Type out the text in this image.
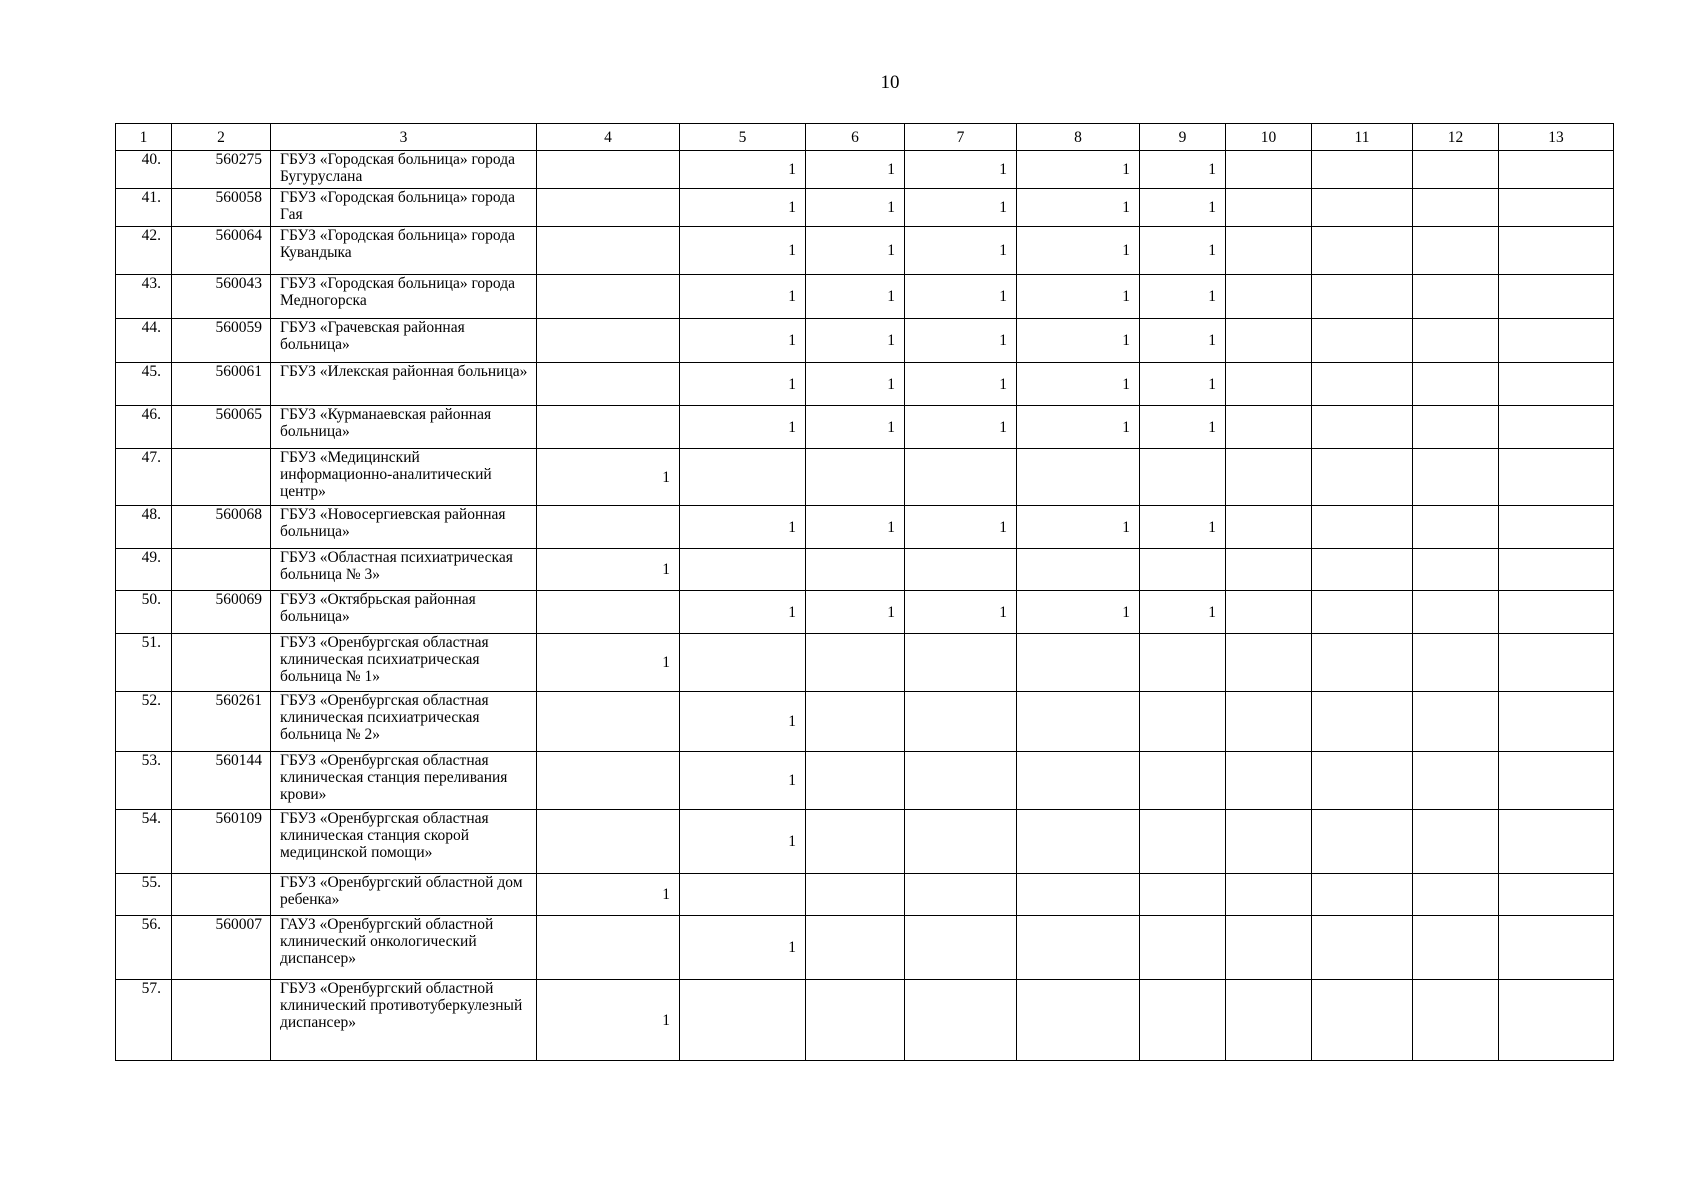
10
1	2	3	4	5	6	7	8	9	10	11	12	13
40.	560275	ГБУЗ «Городская больница» города Бугуруслана		1	1	1	1	1				
41.	560058	ГБУЗ «Городская больница» города Гая		1	1	1	1	1				
42.	560064	ГБУЗ «Городская больница» города Кувандыка		1	1	1	1	1				
43.	560043	ГБУЗ «Городская больница» города Медногорска		1	1	1	1	1				
44.	560059	ГБУЗ «Грачевская районная больница»		1	1	1	1	1				
45.	560061	ГБУЗ «Илекская районная больница»		1	1	1	1	1				
46.	560065	ГБУЗ «Курманаевская районная больница»		1	1	1	1	1				
47.		ГБУЗ «Медицинский информационно-аналитический центр»	1									
48.	560068	ГБУЗ «Новосергиевская районная больница»		1	1	1	1	1				
49.		ГБУЗ «Областная психиатрическая больница № 3»	1									
50.	560069	ГБУЗ «Октябрьская районная больница»		1	1	1	1	1				
51.		ГБУЗ «Оренбургская областная клиническая психиатрическая больница № 1»	1									
52.	560261	ГБУЗ «Оренбургская областная клиническая психиатрическая больница № 2»		1								
53.	560144	ГБУЗ «Оренбургская областная клиническая станция переливания крови»		1								
54.	560109	ГБУЗ «Оренбургская областная клиническая станция скорой медицинской помощи»		1								
55.		ГБУЗ «Оренбургский областной дом ребенка»	1									
56.	560007	ГАУЗ «Оренбургский областной клинический онкологический диспансер»		1								
57.		ГБУЗ «Оренбургский областной клинический противотуберкулезный диспансер»	1									
